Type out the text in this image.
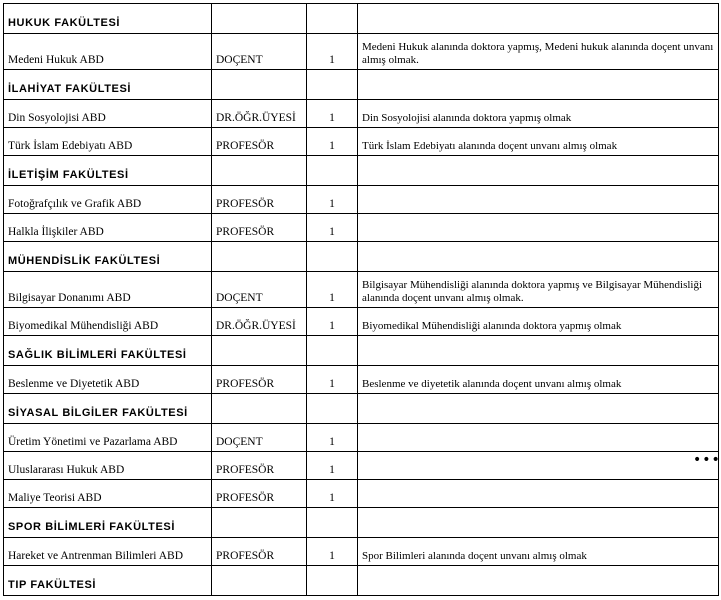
HUKUK FAKÜLTESİ			
Medeni Hukuk ABD	DOÇENT	1	Medeni Hukuk alanında doktora yapmış, Medeni hukuk alanında doçent unvanı almış olmak.
İLAHİYAT FAKÜLTESİ			
Din Sosyolojisi ABD	DR.ÖĞR.ÜYESİ	1	Din Sosyolojisi alanında doktora yapmış olmak
Türk İslam Edebiyatı ABD	PROFESÖR	1	Türk İslam Edebiyatı alanında doçent unvanı almış olmak
İLETİŞİM FAKÜLTESİ			
Fotoğrafçılık ve Grafik ABD	PROFESÖR	1	
Halkla İlişkiler ABD	PROFESÖR	1	
MÜHENDİSLİK FAKÜLTESİ			
Bilgisayar Donanımı ABD	DOÇENT	1	Bilgisayar Mühendisliği alanında doktora yapmış ve Bilgisayar Mühendisliği alanında doçent unvanı almış olmak.
Biyomedikal Mühendisliği ABD	DR.ÖĞR.ÜYESİ	1	Biyomedikal Mühendisliği alanında doktora yapmış olmak
SAĞLIK BİLİMLERİ FAKÜLTESİ			
Beslenme ve Diyetetik ABD	PROFESÖR	1	Beslenme ve diyetetik alanında doçent unvanı almış olmak
SİYASAL BİLGİLER FAKÜLTESİ			
Üretim Yönetimi ve Pazarlama ABD	DOÇENT	1	
Uluslararası Hukuk ABD	PROFESÖR	1	
Maliye Teorisi ABD	PROFESÖR	1	
SPOR BİLİMLERİ FAKÜLTESİ			
Hareket ve Antrenman Bilimleri ABD	PROFESÖR	1	Spor Bilimleri alanında doçent unvanı almış olmak
TIP FAKÜLTESİ			
•••
